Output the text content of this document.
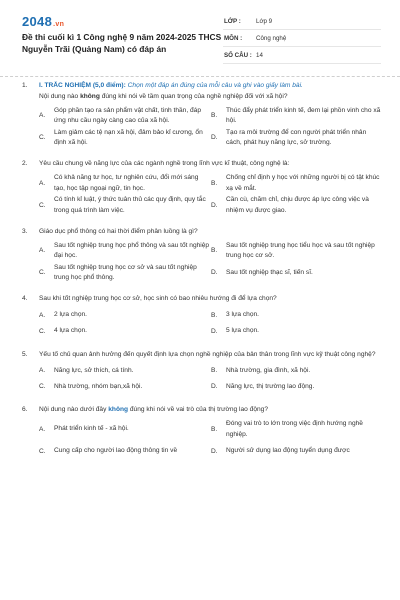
2048.vn
Đề thi cuối kì 1 Công nghệ 9 năm 2024-2025 THCS Nguyễn Trãi (Quảng Nam) có đáp án
LỚP : Lớp 9
MÔN : Công nghệ
SỐ CÂU : 14
1. I. TRẮC NGHIỆM (5,0 điểm): Chọn một đáp án đúng của mỗi câu và ghi vào giấy làm bài.
Nội dung nào không đúng khi nói về tầm quan trọng của nghề nghiệp đối với xã hội?
A.
Góp phần tạo ra sản phẩm vật chất, tinh thần, đáp ứng nhu cầu ngày càng cao của xã hội.
B.
Thúc đẩy phát triển kinh tế, đem lại phồn vinh cho xã hội.
C.
Làm giảm các tệ nạn xã hội, đảm bảo kỉ cương, ổn định xã hội.
D.
Tạo ra môi trường để con người phát triển nhân cách, phát huy năng lực, sở trường.
2. Yêu cầu chung về năng lực của các ngành nghề trong lĩnh vực kĩ thuật, công nghệ là:
A.
Có khả năng tư học, tư nghiên cứu, đổi mới sáng tạo, học tập ngoại ngữ, tin học.
B.
Chống chỉ định y học với những người bị có tật khúc xạ về mắt.
C.
Có tính kỉ luật, ý thức tuân thủ các quy định, quy tắc trong quá trình làm việc.
D.
Cần cù, chăm chỉ, chịu được áp lực công việc và nhiệm vụ được giao.
3. Giáo dục phổ thông có hai thời điểm phân luồng là gì?
A.
Sau tốt nghiệp trung học phổ thông và sau tốt nghiệp đại học.
B.
Sau tốt nghiệp trung học tiểu học và sau tốt nghiệp trung học cơ sở.
C.
Sau tốt nghiệp trung học cơ sở và sau tốt nghiệp trung học phổ thông.
D. Sau tốt nghiệp thạc sĩ, tiến sĩ.
4. Sau khi tốt nghiệp trung học cơ sở, học sinh có bao nhiêu hướng đi để lựa chọn?
A. 2 lựa chọn.	B. 3 lựa chọn.
C. 4 lựa chọn.	D. 5 lựa chọn.
5. Yếu tố chủ quan ảnh hưởng đến quyết định lựa chọn nghề nghiệp của bản thân trong lĩnh vực kỹ thuật công nghệ?
A. Năng lực, sở thích, cá tính.	B. Nhà trường, gia đình, xã hội.
C. Nhà trường, nhóm bạn,xã hội.	D. Năng lực, thị trường lao động.
6. Nội dung nào dưới đây không đúng khi nói về vai trò của thị trường lao động?
A. Phát triển kinh tế - xã hội.	B.
Đóng vai trò to lớn trong việc định hướng nghề nghiệp.
C. Cung cấp cho người lao động thông tin về	D. Người sử dụng lao động tuyển dụng được
